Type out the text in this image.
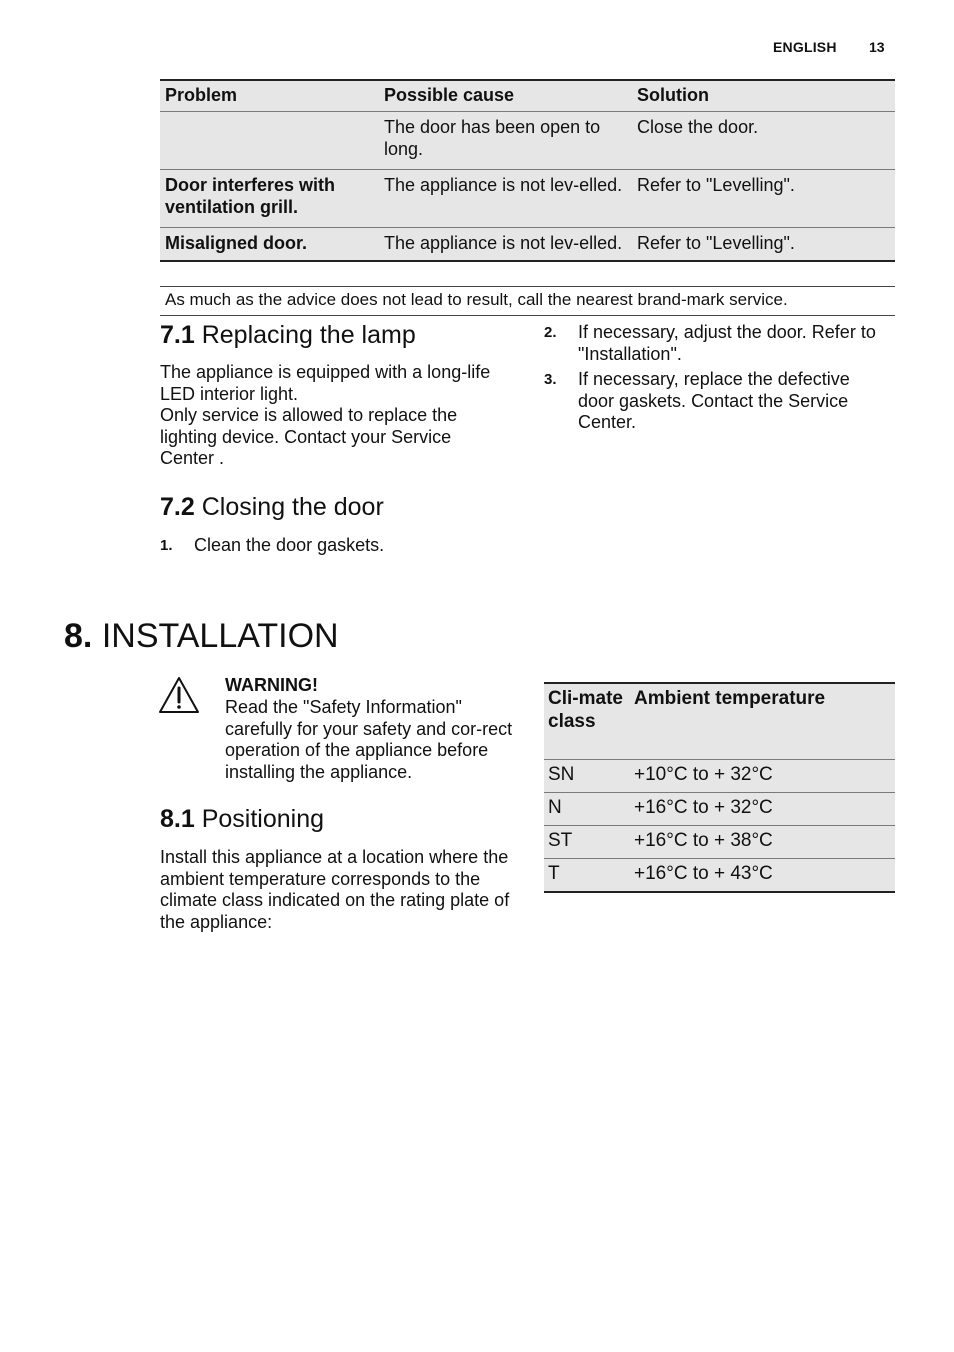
ENGLISH 13
Problem	Possible cause	Solution
	The door has been open to long.	Close the door.
Door interferes with ventilation grill.	The appliance is not lev-elled.	Refer to "Levelling".
Misaligned door.	The appliance is not lev-elled.	Refer to "Levelling".
As much as the advice does not lead to result, call the nearest brand-mark service.
7.1 Replacing the lamp
The appliance is equipped with a long-life LED interior light.
Only service is allowed to replace the lighting device. Contact your Service Center .
7.2 Closing the door
1. Clean the door gaskets.
2. If necessary, adjust the door. Refer to "Installation".
3. If necessary, replace the defective door gaskets. Contact the Service Center.
8. INSTALLATION
WARNING!
Read the "Safety Information" carefully for your safety and cor-rect operation of the appliance before installing the appliance.
8.1 Positioning
Install this appliance at a location where the ambient temperature corresponds to the climate class indicated on the rating plate of the appliance:
Cli-mate class	Ambient temperature
SN	+10°C to + 32°C
N	+16°C to + 32°C
ST	+16°C to + 38°C
T	+16°C to + 43°C
